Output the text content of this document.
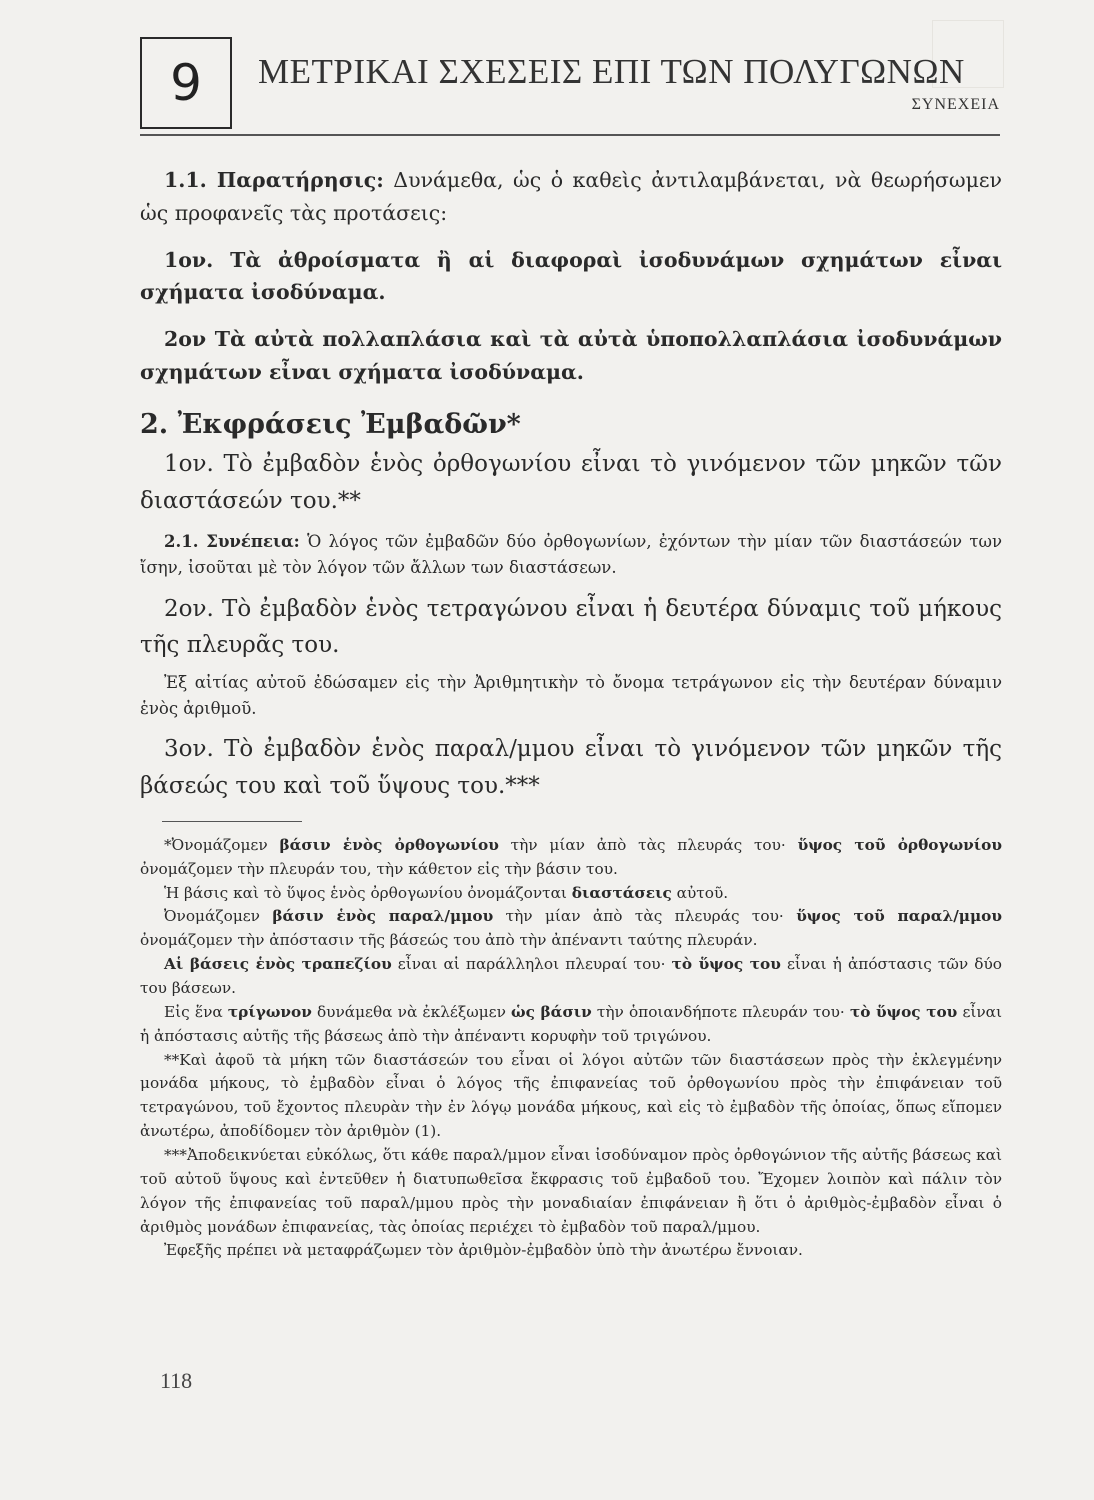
9 ΜΕΤΡΙΚΑΙ ΣΧΕΣΕΙΣ ΕΠΙ ΤΩΝ ΠΟΛΥΓΩΝΩΝ
ΣΥΝΕΧΕΙΑ

1.1. Παρατήρησις: Δυνάμεθα, ὡς ὁ καθεὶς ἀντιλαμβάνεται, νὰ θεωρήσωμεν ὡς προφανεῖς τὰς προτάσεις:

1ον. Τὰ ἀθροίσματα ἢ αἱ διαφοραὶ ἰσοδυνάμων σχημάτων εἶναι σχήματα ἰσοδύναμα.

2ον Τὰ αὐτὰ πολλαπλάσια καὶ τὰ αὐτὰ ὑποπολλαπλάσια ἰσοδυνάμων σχημάτων εἶναι σχήματα ἰσοδύναμα.

2. Ἐκφράσεις Ἐμβαδῶν*

1ον. Τὸ ἐμβαδὸν ἑνὸς ὀρθογωνίου εἶναι τὸ γινόμενον τῶν μηκῶν τῶν διαστάσεών του.**

2.1. Συνέπεια: Ὁ λόγος τῶν ἐμβαδῶν δύο ὀρθογωνίων, ἐχόντων τὴν μίαν τῶν διαστάσεών των ἴσην, ἰσοῦται μὲ τὸν λόγον τῶν ἄλλων των διαστάσεων.

2ον. Τὸ ἐμβαδὸν ἑνὸς τετραγώνου εἶναι ἡ δευτέρα δύναμις τοῦ μήκους τῆς πλευρᾶς του.

Ἐξ αἰτίας αὐτοῦ ἐδώσαμεν εἰς τὴν Ἀριθμητικὴν τὸ ὄνομα τετράγωνον εἰς τὴν δευτέραν δύναμιν ἑνὸς ἀριθμοῦ.

3ον. Τὸ ἐμβαδὸν ἑνὸς παραλ/μμου εἶναι τὸ γινόμενον τῶν μηκῶν τῆς βάσεώς του καὶ τοῦ ὕψους του.***

*Ὀνομάζομεν βάσιν ἑνὸς ὀρθογωνίου τὴν μίαν ἀπὸ τὰς πλευράς του· ὕψος τοῦ ὀρθογωνίου ὀνομάζομεν τὴν πλευράν του, τὴν κάθετον εἰς τὴν βάσιν του.

Ἡ βάσις καὶ τὸ ὕψος ἑνὸς ὀρθογωνίου ὀνομάζονται διαστάσεις αὐτοῦ.

Ὀνομάζομεν βάσιν ἑνὸς παραλ/μμου τὴν μίαν ἀπὸ τὰς πλευράς του· ὕψος τοῦ παραλ/μμου ὀνομάζομεν τὴν ἀπόστασιν τῆς βάσεώς του ἀπὸ τὴν ἀπέναντι ταύτης πλευράν.

Αἱ βάσεις ἑνὸς τραπεζίου εἶναι αἱ παράλληλοι πλευραί του· τὸ ὕψος του εἶναι ἡ ἀπόστασις τῶν δύο του βάσεων.

Εἰς ἕνα τρίγωνον δυνάμεθα νὰ ἐκλέξωμεν ὡς βάσιν τὴν ὁποιανδήποτε πλευράν του· τὸ ὕψος του εἶναι ἡ ἀπόστασις αὐτῆς τῆς βάσεως ἀπὸ τὴν ἀπέναντι κορυφὴν τοῦ τριγώνου.

**Καὶ ἀφοῦ τὰ μήκη τῶν διαστάσεών του εἶναι οἱ λόγοι αὐτῶν τῶν διαστάσεων πρὸς τὴν ἐκλεγμένην μονάδα μήκους, τὸ ἐμβαδὸν εἶναι ὁ λόγος τῆς ἐπιφανείας τοῦ ὀρθογωνίου πρὸς τὴν ἐπιφάνειαν τοῦ τετραγώνου, τοῦ ἔχοντος πλευρὰν τὴν ἐν λόγῳ μονάδα μήκους, καὶ εἰς τὸ ἐμβαδὸν τῆς ὁποίας, ὅπως εἴπομεν ἀνωτέρω, ἀποδίδομεν τὸν ἀριθμὸν (1).

***Ἀποδεικνύεται εὐκόλως, ὅτι κάθε παραλ/μμον εἶναι ἰσοδύναμον πρὸς ὀρθογώνιον τῆς αὐτῆς βάσεως καὶ τοῦ αὐτοῦ ὕψους καὶ ἐντεῦθεν ἡ διατυπωθεῖσα ἔκφρασις τοῦ ἐμβαδοῦ του. Ἔχομεν λοιπὸν καὶ πάλιν τὸν λόγον τῆς ἐπιφανείας τοῦ παραλ/μμου πρὸς τὴν μοναδιαίαν ἐπιφάνειαν ἢ ὅτι ὁ ἀριθμὸς-ἐμβαδὸν εἶναι ὁ ἀριθμὸς μονάδων ἐπιφανείας, τὰς ὁποίας περιέχει τὸ ἐμβαδὸν τοῦ παραλ/μμου.

Ἐφεξῆς πρέπει νὰ μεταφράζωμεν τὸν ἀριθμὸν-ἐμβαδὸν ὑπὸ τὴν ἀνωτέρω ἔννοιαν.

118
